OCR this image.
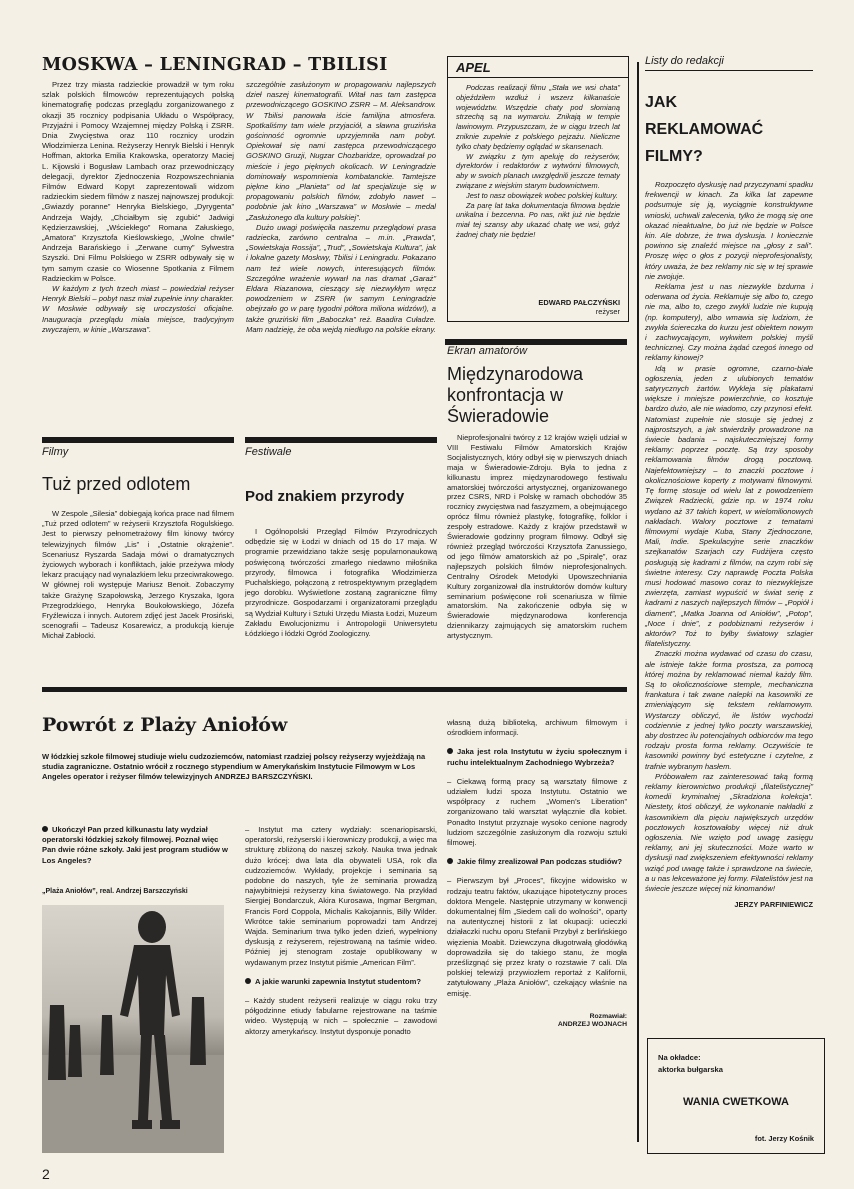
MOSKWA – LENINGRAD – TBILISI

Przez trzy miasta radzieckie prowadził w tym roku szlak polskich filmowców reprezentujących polską kinematografię podczas przeglądu zorganizowanego z okazji 35 rocznicy podpisania Układu o Współpracy, Przyjaźni i Pomocy Wzajemnej między Polską i ZSRR. Dnia Zwycięstwa oraz 110 rocznicy urodzin Włodzimierza Lenina. Reżyserzy Henryk Bielski i Henryk Hoffman, aktorka Emilia Krakowska, operatorzy Maciej L. Kijowski i Bogusław Lambach oraz przewodniczący delegacji, dyrektor Zjednoczenia Rozpowszechniania Filmów Edward Kopyt zaprezentowali widzom radzieckim siedem filmów z naszej najnowszej produkcji: „Gwiazdy poranne” Henryka Bielskiego, „Dyrygenta” Andrzeja Wajdy, „Chciałbym się zgubić” Jadwigi Kędzierzawskiej, „Wściekłego” Romana Załuskiego, „Amatora” Krzysztofa Kieślowskiego, „Wolne chwile” Andrzeja Barańskiego i „Zerwane cumy” Sylwestra Szyszki. Dni Filmu Polskiego w ZSRR odbywały się w tym samym czasie co Wiosenne Spotkania z Filmem Radzieckim w Polsce.

W każdym z tych trzech miast – powiedział reżyser Henryk Bielski – pobyt nasz miał zupełnie inny charakter. W Moskwie odbywały się uroczystości oficjalne. Inauguracja przeglądu miała miejsce, tradycyjnym zwyczajem, w kinie „Warszawa”.

szczególnie zasłużonym w propagowaniu najlepszych dzieł naszej kinematografii. Witał nas tam zastępca przewodniczącego GOSKINO ZSRR – M. Aleksandrow. W Tbilisi panowała iście familijna atmosfera. Spotkaliśmy tam wiele przyjaciół, a sławna gruzińska gościnność ogromnie uprzyjemniła nam pobyt. Opiekował się nami zastępca przewodniczącego GOSKINO Gruzji, Nugzar Chozbaridze, oprowadzał po mieście i jego pięknych okolicach. W Leningradzie dominowały wspomnienia kombatanckie. Tamtejsze piękne kino „Planieta” od lat specjalizuje się w propagowaniu polskich filmów, zdobyło nawet – podobnie jak kino „Warszawa” w Moskwie – medal „Zasłużonego dla kultury polskiej”.

Dużo uwagi poświęciła naszemu przeglądowi prasa radziecka, zarówno centralna – m.in. „Prawda”, „Sowietskaja Rossija”, „Trud”, „Sowietskaja Kultura”, jak i lokalne gazety Moskwy, Tbilisi i Leningradu. Pokazano nam też wiele nowych, interesujących filmów. Szczególne wrażenie wywarł na nas dramat „Garaż” Eldara Riazanowa, cieszący się niezwykłym wręcz powodzeniem w ZSRR (w samym Leningradzie obejrzało go w parę tygodni półtora miliona widzów!), a także gruziński film „Baboczka” reż. Baadira Cuładze. Mam nadzieję, że oba wejdą niedługo na polskie ekrany.

APEL

Podczas realizacji filmu „Stała we wsi chata” objeździłem wzdłuż i wszerz kilkanaście województw. Wszędzie chaty pod słomianą strzechą są na wymarciu. Znikają w tempie lawinowym. Przypuszczam, że w ciągu trzech lat zniknie zupełnie z polskiego pejzażu. Nieliczne tylko chaty będziemy oglądać w skansenach.

W związku z tym apeluję do reżyserów, dyrektorów i redaktorów z wytwórni filmowych, aby w swoich planach uwzględnili jeszcze tematy związane z wiejskim starym budownictwem.

Jest to nasz obowiązek wobec polskiej kultury.

Za parę lat taka dokumentacja filmowa będzie unikalna i bezcenna. Po nas, nikt już nie będzie miał tej szansy aby ukazać chatę we wsi, gdyż żadnej chaty nie będzie!

EDWARD PAŁCZYŃSKI
reżyser
Ekran amatorów
Międzynarodowa konfrontacja w Świeradowie

Nieprofesjonalni twórcy z 12 krajów wzięli udział w VIII Festiwalu Filmów Amatorskich Krajów Socjalistycznych, który odbył się w pierwszych dniach maja w Świeradowie-Zdroju. Była to jedna z kilkunastu imprez międzynarodowego festiwalu amatorskiej twórczości artystycznej, organizowanego przez CSRS, NRD i Polskę w ramach obchodów 35 rocznicy zwycięstwa nad faszyzmem, a obejmującego oprócz filmu również plastykę, fotografikę, folklor i zespoły estradowe. Każdy z krajów przedstawił w Świeradowie godzinny program filmowy. Odbył się również przegląd twórczości Krzysztofa Zanussiego, od jego filmów amatorskich aż po „Spiralę”, oraz najlepszych polskich filmów nieprofesjonalnych. Centralny Ośrodek Metodyki Upowszechniania Kultury zorganizował dla instruktorów domów kultury seminarium poświęcone roli scenariusza w filmie amatorskim. Na zakończenie odbyła się w Świeradowie międzynarodowa konferencja dziennikarzy zajmujących się amatorskim ruchem artystycznym.

Listy do redakcji
JAK REKLAMOWAĆ FILMY?

Rozpoczęto dyskusję nad przyczynami spadku frekwencji w kinach. Za kilka lat zapewne podsumuje się ją, wyciągnie konstruktywne wnioski, uchwali zalecenia, tylko że mogą się one okazać nieaktualne, bo już nie będzie w Polsce kin. Ale dobrze, że trwa dyskusja. I koniecznie powinno się znaleźć miejsce na „głosy z sali”. Proszę więc o głos z pozycji nieprofesjonalisty, który uważa, że bez reklamy nic się w tej sprawie nie zwojuje.

Reklama jest u nas niezwykle bzdurna i oderwana od życia. Reklamuje się albo to, czego nie ma, albo to, czego zwykli ludzie nie kupują (np. komputery), albo wmawia się ludziom, że zwykła ściereczka do kurzu jest obiektem nowym i zachwycającym, wykwitem polskiej myśli technicznej. Czy można żądać czegoś innego od reklamy kinowej?

Idą w prasie ogromne, czarno-białe ogłoszenia, jeden z ulubionych tematów satyrycznych żartów. Wykleja się plakatami większe i mniejsze powierzchnie, co kosztuje bardzo dużo, ale nie wiadomo, czy przynosi efekt. Natomiast zupełnie nie stosuje się jednej z najprostszych, a jak stwierdziły prowadzone na świecie badania – najskuteczniejszej formy reklamy: poprzez pocztę. Są trzy sposoby reklamowania filmów drogą pocztową. Najefektowniejszy – to znaczki pocztowe i okolicznościowe koperty z motywami filmowymi. Tę formę stosuje od wielu lat z powodzeniem Związek Radziecki, gdzie np. w 1974 roku wydano aż 37 takich kopert, w wielomilionowych nakładach. Walory pocztowe z tematami filmowymi wydaje Kuba, Stany Zjednoczone, Mali, Indie. Spekulacyjne serie znaczków szejkanatów Szarjach czy Fudżijera często posługują się kadrami z filmów, na czym robi się świetne interesy. Czy naprawdę Poczta Polska musi hodować masowo coraz to niezwyklejsze zwierzęta, zamiast wypuścić w świat serię z kadrami z naszych najlepszych filmów – „Popiół i diament”, „Matka Joanna od Aniołów”, „Potop”, „Noce i dnie”, z podobiznami reżyserów i aktorów? Toż to byłby światowy szlagier filatelistyczny.

Znaczki można wydawać od czasu do czasu, ale istnieje także forma prostsza, za pomocą której można by reklamować niemal każdy film. Są to okolicznościowe stemple, mechaniczna frankatura i tak zwane nalepki na kasowniki ze zmieniającym się tekstem reklamowym. Wystarczy obliczyć, ile listów wychodzi codziennie z jednej tylko poczty warszawskiej, aby dostrzec ilu potencjalnych odbiorców ma tego rodzaju prosta forma reklamy. Oczywiście te kasowniki powinny być estetyczne i czytelne, z trafnie wybranym hasłem.

Próbowałem raz zainteresować taką formą reklamy kierownictwo produkcji „filatelistycznej” komedii kryminalnej „Skradziona kolekcja”. Niestety, ktoś obliczył, że wykonanie nakładki z kasownikiem dla pięciu największych urzędów pocztowych kosztowałoby więcej niż druk ogłoszenia. Nie wzięto pod uwagę zasięgu reklamy, ani jej skuteczności. Może warto w dyskusji nad zwiększeniem efektywności reklamy wziąć pod uwagę także i sprawdzone na świecie, a u nas lekceważone jej formy. Filatelistów jest na świecie jeszcze więcej niż kinomanów!

JERZY PARFINIEWICZ
Filmy
Tuż przed odlotem

W Zespole „Silesia” dobiegają końca prace nad filmem „Tuż przed odlotem” w reżyserii Krzysztofa Rogulskiego. Jest to pierwszy pełnometrażowy film kinowy twórcy telewizyjnych filmów „Lis” i „Ostatnie okrążenie”. Scenariusz Ryszarda Sadaja mówi o dramatycznych życiowych wyborach i konfliktach, jakie przeżywa młody lekarz pracujący nad wynalazkiem leku przeciwrakowego. W głównej roli występuje Mariusz Benoit. Zobaczymy także Grażynę Szapołowską, Jerzego Kryszaka, Igora Przegrodzkiego, Henryka Boukołowskiego, Józefa Fryźlewicza i innych. Autorem zdjęć jest Jacek Prosiński, scenografii – Tadeusz Kosarewicz, a produkcją kieruje Michał Zabłocki.

Festiwale
Pod znakiem przyrody

I Ogólnopolski Przegląd Filmów Przyrodniczych odbędzie się w Łodzi w dniach od 15 do 17 maja. W programie przewidziano także sesję popularnonaukową poświęconą twórczości zmarłego niedawno miłośnika przyrody, filmowca i fotografika Włodzimierza Puchalskiego, połączoną z retrospektywnym przeglądem jego dorobku. Wyświetlone zostaną zagraniczne filmy przyrodnicze. Gospodarzami i organizatorami przeglądu są Wydział Kultury i Sztuki Urzędu Miasta Łodzi, Muzeum Zakładu Ewolucjonizmu i Antropologii Uniwersytetu Łódzkiego i łódzki Ogród Zoologiczny.

Powrót z Plaży Aniołów
W łódzkiej szkole filmowej studiuje wielu cudzoziemców, natomiast rzadziej polscy reżyserzy wyjeżdżają na studia zagraniczne. Ostatnio wrócił z rocznego stypendium w Amerykańskim Instytucie Filmowym w Los Angeles operator i reżyser filmów telewizyjnych ANDRZEJ BARSZCZYŃSKI.
Ukończył Pan przed kilkunastu laty wydział operatorski łódzkiej szkoły filmowej. Poznał więc Pan dwie różne szkoły. Jaki jest program studiów w Los Angeles?
„Plaża Aniołów”, real. Andrzej Barszczyński

– Instytut ma cztery wydziały: scenariopisarski, operatorski, reżyserski i kierowniczy produkcji, a więc ma strukturę zbliżoną do naszej szkoły. Nauka trwa jednak dużo krócej: dwa lata dla obywateli USA, rok dla cudzoziemców. Wykłady, projekcje i seminaria są podobne do naszych, tyle że seminaria prowadzą najwybitniejsi reżyserzy kina światowego. Na przykład Siergiej Bondarczuk, Akira Kurosawa, Ingmar Bergman, Francis Ford Coppola, Michalis Kakojannis, Billy Wilder. Wkrótce takie seminarium poprowadzi tam Andrzej Wajda. Seminarium trwa tylko jeden dzień, wypełniony dyskusją z reżyserem, rejestrowaną na taśmie wideo. Później jej stenogram zostaje opublikowany w wydawanym przez Instytut piśmie „American Film”.

A jakie warunki zapewnia Instytut studentom?

– Każdy student reżyserii realizuje w ciągu roku trzy półgodzinne etiudy fabularne rejestrowane na taśmie wideo. Występują w nich – społecznie – zawodowi aktorzy amerykańscy. Instytut dysponuje ponadto

własną dużą biblioteką, archiwum filmowym i ośrodkiem informacji.

Jaka jest rola Instytutu w życiu społecznym i ruchu intelektualnym Zachodniego Wybrzeża?

– Ciekawą formą pracy są warsztaty filmowe z udziałem ludzi spoza Instytutu. Ostatnio we współpracy z ruchem „Women’s Liberation” zorganizowano taki warsztat wyłącznie dla kobiet. Ponadto Instytut przyznaje wysoko cenione nagrody ludziom szczególnie zasłużonym dla rozwoju sztuki filmowej.

Jakie filmy zrealizował Pan podczas studiów?

– Pierwszym był „Proces”, fikcyjne widowisko w rodzaju teatru faktów, ukazujące hipotetyczny proces doktora Mengele. Następnie utrzymany w konwencji dokumentalnej film „Siedem cali do wolności”, oparty na autentycznej historii z lat okupacji: ucieczki działaczki ruchu oporu Stefanii Przybył z berlińskiego więzienia Moabit. Dziewczyna długotrwałą głodówką doprowadziła się do takiego stanu, że mogła prześlizgnąć się przez kraty o rozstawie 7 cali. Dla polskiej telewizji przywiozłem reportaż z Kalifornii, zatytułowany „Plaża Aniołów”, czekający właśnie na emisję.

Rozmawiał:
ANDRZEJ WOJNACH
Na okładce:
aktorka bułgarska
WANIA CWETKOWA
fot. Jerzy Kośnik
2
